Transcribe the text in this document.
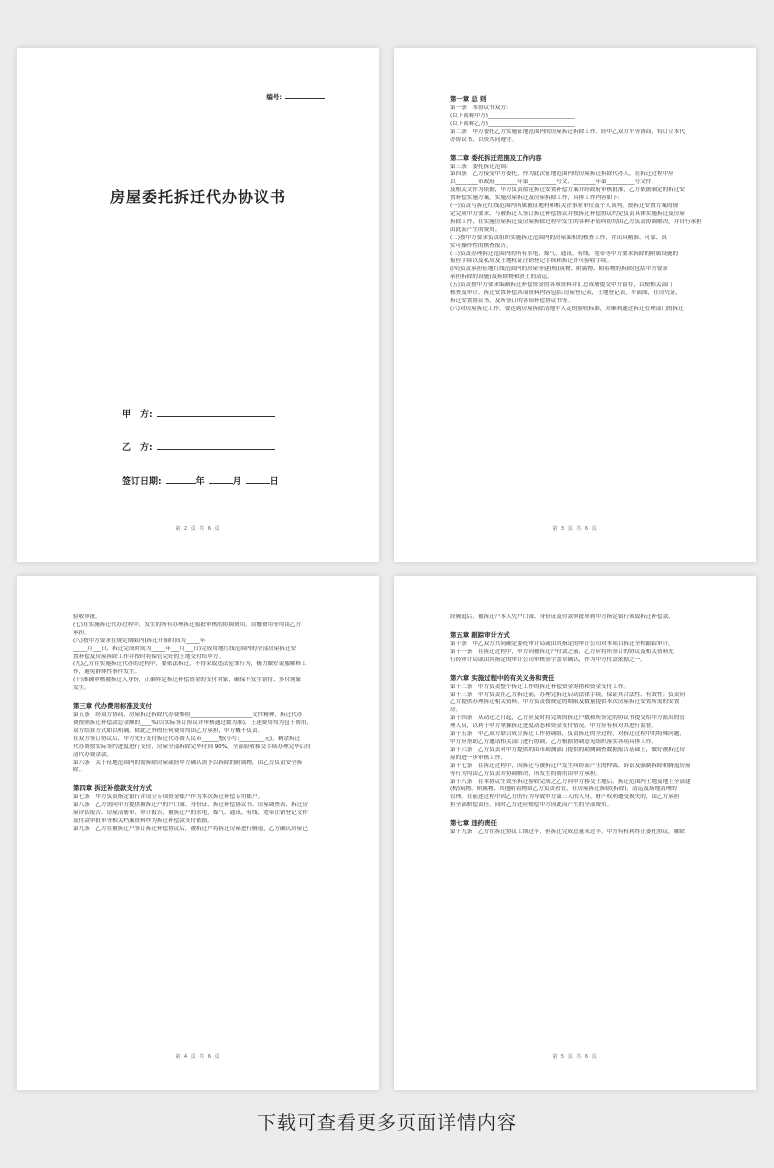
编号:
房屋委托拆迁代办协议书
甲　方:
乙　方:
签订日期:	年	月	日
第 2 页 共 6 页
第一章 总 则
第一条　本协议书双方:
(以下简称甲方)_______________________________
(以下简称乙方)_______________________________
第二条　甲方委托乙方实施征地范围内的房屋拆迁拆除工作。经甲乙双方平等协商，特订立本代
办协议书，以资共同遵守。
第二章 委托拆迁范围及工作内容
第三条　委托拆迁范围:
第四条　乙方接受甲方委托，作为此次征地范围内的房屋拆迁拆除代办人，在拆迁过程中应
以________市政府________年第__________号文、________年第__________号文件
及相关文件为依据，甲方负责拟定拆迁安置补偿方案并经政府审核批准，乙方依据制定的拆迁安
置补偿实施方案，实施房屋拆迁及房屋拆除工作，具体工作内容如下:
(一)负责与拆迁红线范围内所属被征地村和相关企事业单位及个人谈判，按拆迁安置方案的规
定完成甲方要求，与被拆迁人签订拆迁补偿协议并按拆迁补偿协议约定负责具体实施拆迁及房屋
拆除工作，在实施房屋拆迁及房屋拆除过程中发生的各种矛盾纠纷均由乙方负责协调解决，并自行承担
由此而产生的费用。
(二)按甲方要求负责组织实施拆迁范围内的房屋面积的核查工作，并出具精准、可靠、真
实可操作性的核查报告。
(三)负责办理拆迁范围内的所有水电、煤气、通讯、有线、宽带等甲方要求拆除的附属设施的
报停手续以及私房及土地权证注销登记手续和拆迁许可验收手续。
(四)负责承担征地红线范围内的房屋等建(构)筑物、附属物、附着物的拆除(包括甲方要求
承担拆除的设施)及拆除物和渣土的清运。
(五)负责按甲方要求编制拆迁补偿资金的各项资料并汇总成册提交甲方留存，以便相关部门
核查及审计，拆迁安置补偿各项资料内容包括:房屋登记表，土地登记表，平面图，住房凭证，
拆迁安置协议书，及所签订的各项补偿协议书等。
(六)对房屋拆迁工作，要达到房屋拆除清地平人走的验收标准，并顺利通过拆迁管理部门的拆迁
第 3 页 共 6 页
验收审批。
(七)在实施拆迁代办过程中，发生的所有办理拆迁报批审核的协调费用，误餐费用等均由乙方
承担。
(八)按甲方要求在规定期限内(拆迁开始时间为_____年
_____月___日，拆迁完成时间为_____年___月___日)完成用地红线范围内的全部房屋拆迁安
置补偿及房屋拆除工作并按时将保管完好的土地交付给甲方。
(九)乙方在实施拆迁代办的过程中，要依法拆迁，不得采取违法犯罪行为，极力做好说服解释工
作，避免群体性事件发生。
(十)准确审核被拆迁人身份，正确界定拆迁补偿资金的支付对象，确保不发生错付、多付现象
发生。
第三章 代办费用标准及支付
第五条　经双方协商，房屋拆迁拆除代办费参照______________________文件精神，拆迁代办
费按照拆迁补偿款总金额的____%(以实际签订协议并审核通过数为准)，上述费用均为包干费用，
双方结算方式如以明确，除此之外的任何费用均由乙方承担，甲方概不负责。
在双方签订协议后，甲方先行支付拆迁代办费人民币______整(小写:_________元)，剩余拆迁
代办费按实际签约进度进行支付，房屋全部拆除完毕付到 90%，全部验收移交手续办理完毕后付
清代办费余款。
第六条　关于征地范围内的需拆除房屋或经甲方确认需予以拆除的附属物，由乙方负责安全拆
除。
第四章 拆迁补偿款支付方式
第七条　甲方负责指定银行并设立专项资金账户作为本次拆迁补偿专用账户。
第八条　乙方需向甲方提供被拆迁户的户口簿、身份证、拆迁补偿协议书、房屋调查表、拆迁房
屋评估报告、房屋清册单、审计报告、被拆迁户的水电、煤气、通讯、有线、宽带注销登记文件
及付款审批单等相关档案资料作为拆迁补偿款支付依据。
第九条　乙方在被拆迁户签订拆迁补偿协议后，被拆迁户将拆迁房屋进行腾退，乙方确认房屋已
第 4 页 共 6 页
经腾退后，被拆迁户本人凭户口簿、身份证及付款审批单到甲方指定银行领取拆迁补偿款。
第五章 跟踪审计方式
第十条　甲乙双方共同确定委托审计局或由其指定的审计公司对本项目拆迁全程跟踪审计。
第十一条　在拆迁过程中，甲方向被拆迁户付款之前，乙方应将所签订的协议及相关资料先
行经审计局或由其指定的审计公司审核签字盖章确认，作为甲方付款依据之一。
第六章 实施过程中的有关义务和责任
第十二条　甲方负责整个拆迁工作的拆迁补偿资金筹措和资金支付工作。
第十三条　甲方负责在乙方拆迁前，办理完拆迁启动法律手续，保证其合法性、有效性；负责向
乙方提供办理拆迁相关资料，甲方负责按规定的期限及数量提供本次房屋拆迁安置所需的安置
房。
第十四条　从动迁之日起，乙方应及时将完成的拆迁户数和所签定的协议书提交给甲方派出的管
理人员，以利于甲方掌握拆迁进度动态和资金支付情况。甲方应有权对其进行监督。
第十五条　甲乙双方联合成立拆迁工作协调组，负责拆迁的全过程，对拆迁过程中的特殊问题，
甲方应帮助乙方邀请相关部门进行协调，乙方根据协调意见组织落实各项具体工作。
第十六条　乙方负责对甲方提供的由市勘测部门提供的勘测调查数据报告基础上，做好被拆迁房
屋的进一步审核工作。
第十七条　在拆迁过程中，因拆迁与被拆迁户发生纠纷而产生的仲裁、诉讼及强制拆除和腾退房屋
等行为均由乙方负责并协调解决，所发生的费用由甲方承担。
第十八条　在本协议生效至拆迁验收完成之乙方向甲方移交土地后，拆迁范围内土地及地上全部建
(构)筑物、附属物、其他附着物由乙方负责看管，在房屋拆迁拆除(拆除)，清运及场地清理的
管理。在前述过程中因乙方的行为导致甲方第三人的人身、财产权利遭受损失的，由乙方承担
担全部赔偿责任，同时乙方还应赔偿甲方因此而产生的全部费用。
第七章 违约责任
第十九条　乙方在拆迁协议工期过半，但拆迁完成总量未过半，甲方有权利终止委托协议，解除
第 5 页 共 6 页
下载可查看更多页面详情内容
